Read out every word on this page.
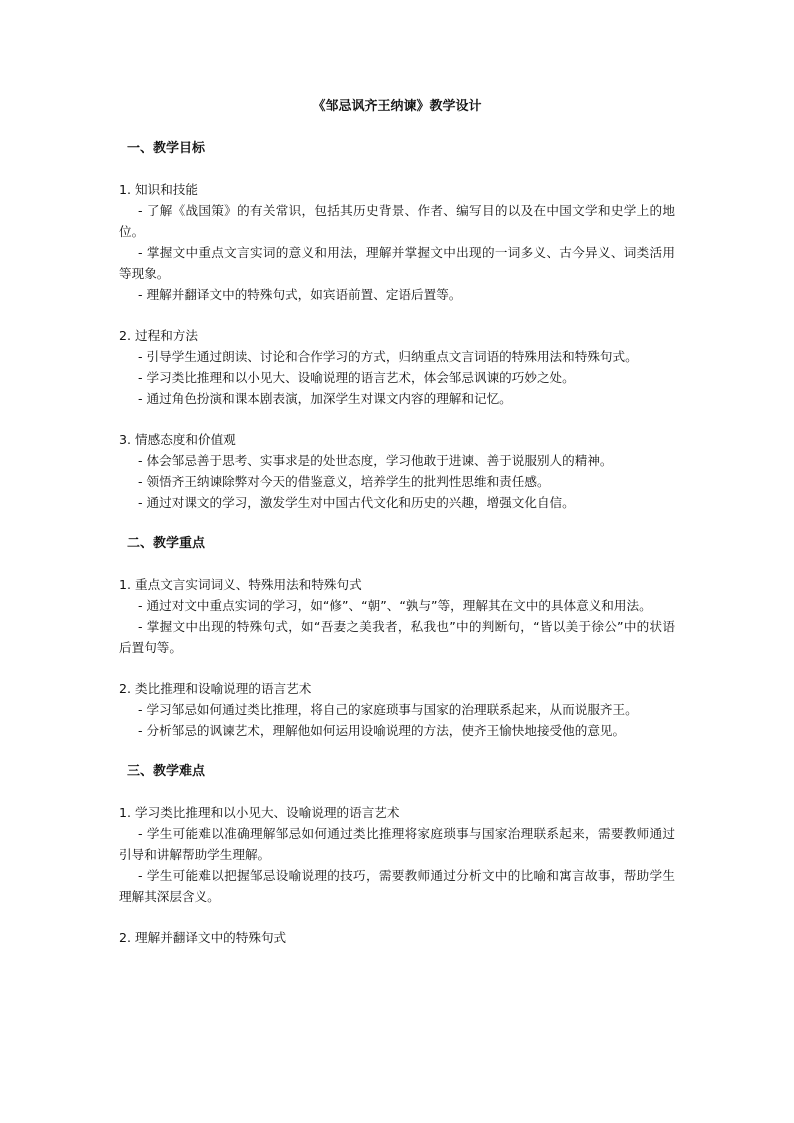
《邹忌讽齐王纳谏》教学设计
一、教学目标

1. 知识和技能

- 了解《战国策》的有关常识，包括其历史背景、作者、编写目的以及在中国文学和史学上的地位。

- 掌握文中重点文言实词的意义和用法，理解并掌握文中出现的一词多义、古今异义、词类活用等现象。

- 理解并翻译文中的特殊句式，如宾语前置、定语后置等。

2. 过程和方法

- 引导学生通过朗读、讨论和合作学习的方式，归纳重点文言词语的特殊用法和特殊句式。

- 学习类比推理和以小见大、设喻说理的语言艺术，体会邹忌讽谏的巧妙之处。

- 通过角色扮演和课本剧表演，加深学生对课文内容的理解和记忆。

3. 情感态度和价值观

- 体会邹忌善于思考、实事求是的处世态度，学习他敢于进谏、善于说服别人的精神。

- 领悟齐王纳谏除弊对今天的借鉴意义，培养学生的批判性思维和责任感。

- 通过对课文的学习，激发学生对中国古代文化和历史的兴趣，增强文化自信。

二、教学重点

1. 重点文言实词词义、特殊用法和特殊句式

- 通过对文中重点实词的学习，如“修”、“朝”、“孰与”等，理解其在文中的具体意义和用法。

- 掌握文中出现的特殊句式，如“吾妻之美我者，私我也”中的判断句，“皆以美于徐公”中的状语后置句等。

2. 类比推理和设喻说理的语言艺术

- 学习邹忌如何通过类比推理，将自己的家庭琐事与国家的治理联系起来，从而说服齐王。

- 分析邹忌的讽谏艺术，理解他如何运用设喻说理的方法，使齐王愉快地接受他的意见。

三、教学难点

1. 学习类比推理和以小见大、设喻说理的语言艺术

- 学生可能难以准确理解邹忌如何通过类比推理将家庭琐事与国家治理联系起来，需要教师通过引导和讲解帮助学生理解。

- 学生可能难以把握邹忌设喻说理的技巧，需要教师通过分析文中的比喻和寓言故事，帮助学生理解其深层含义。

2. 理解并翻译文中的特殊句式
